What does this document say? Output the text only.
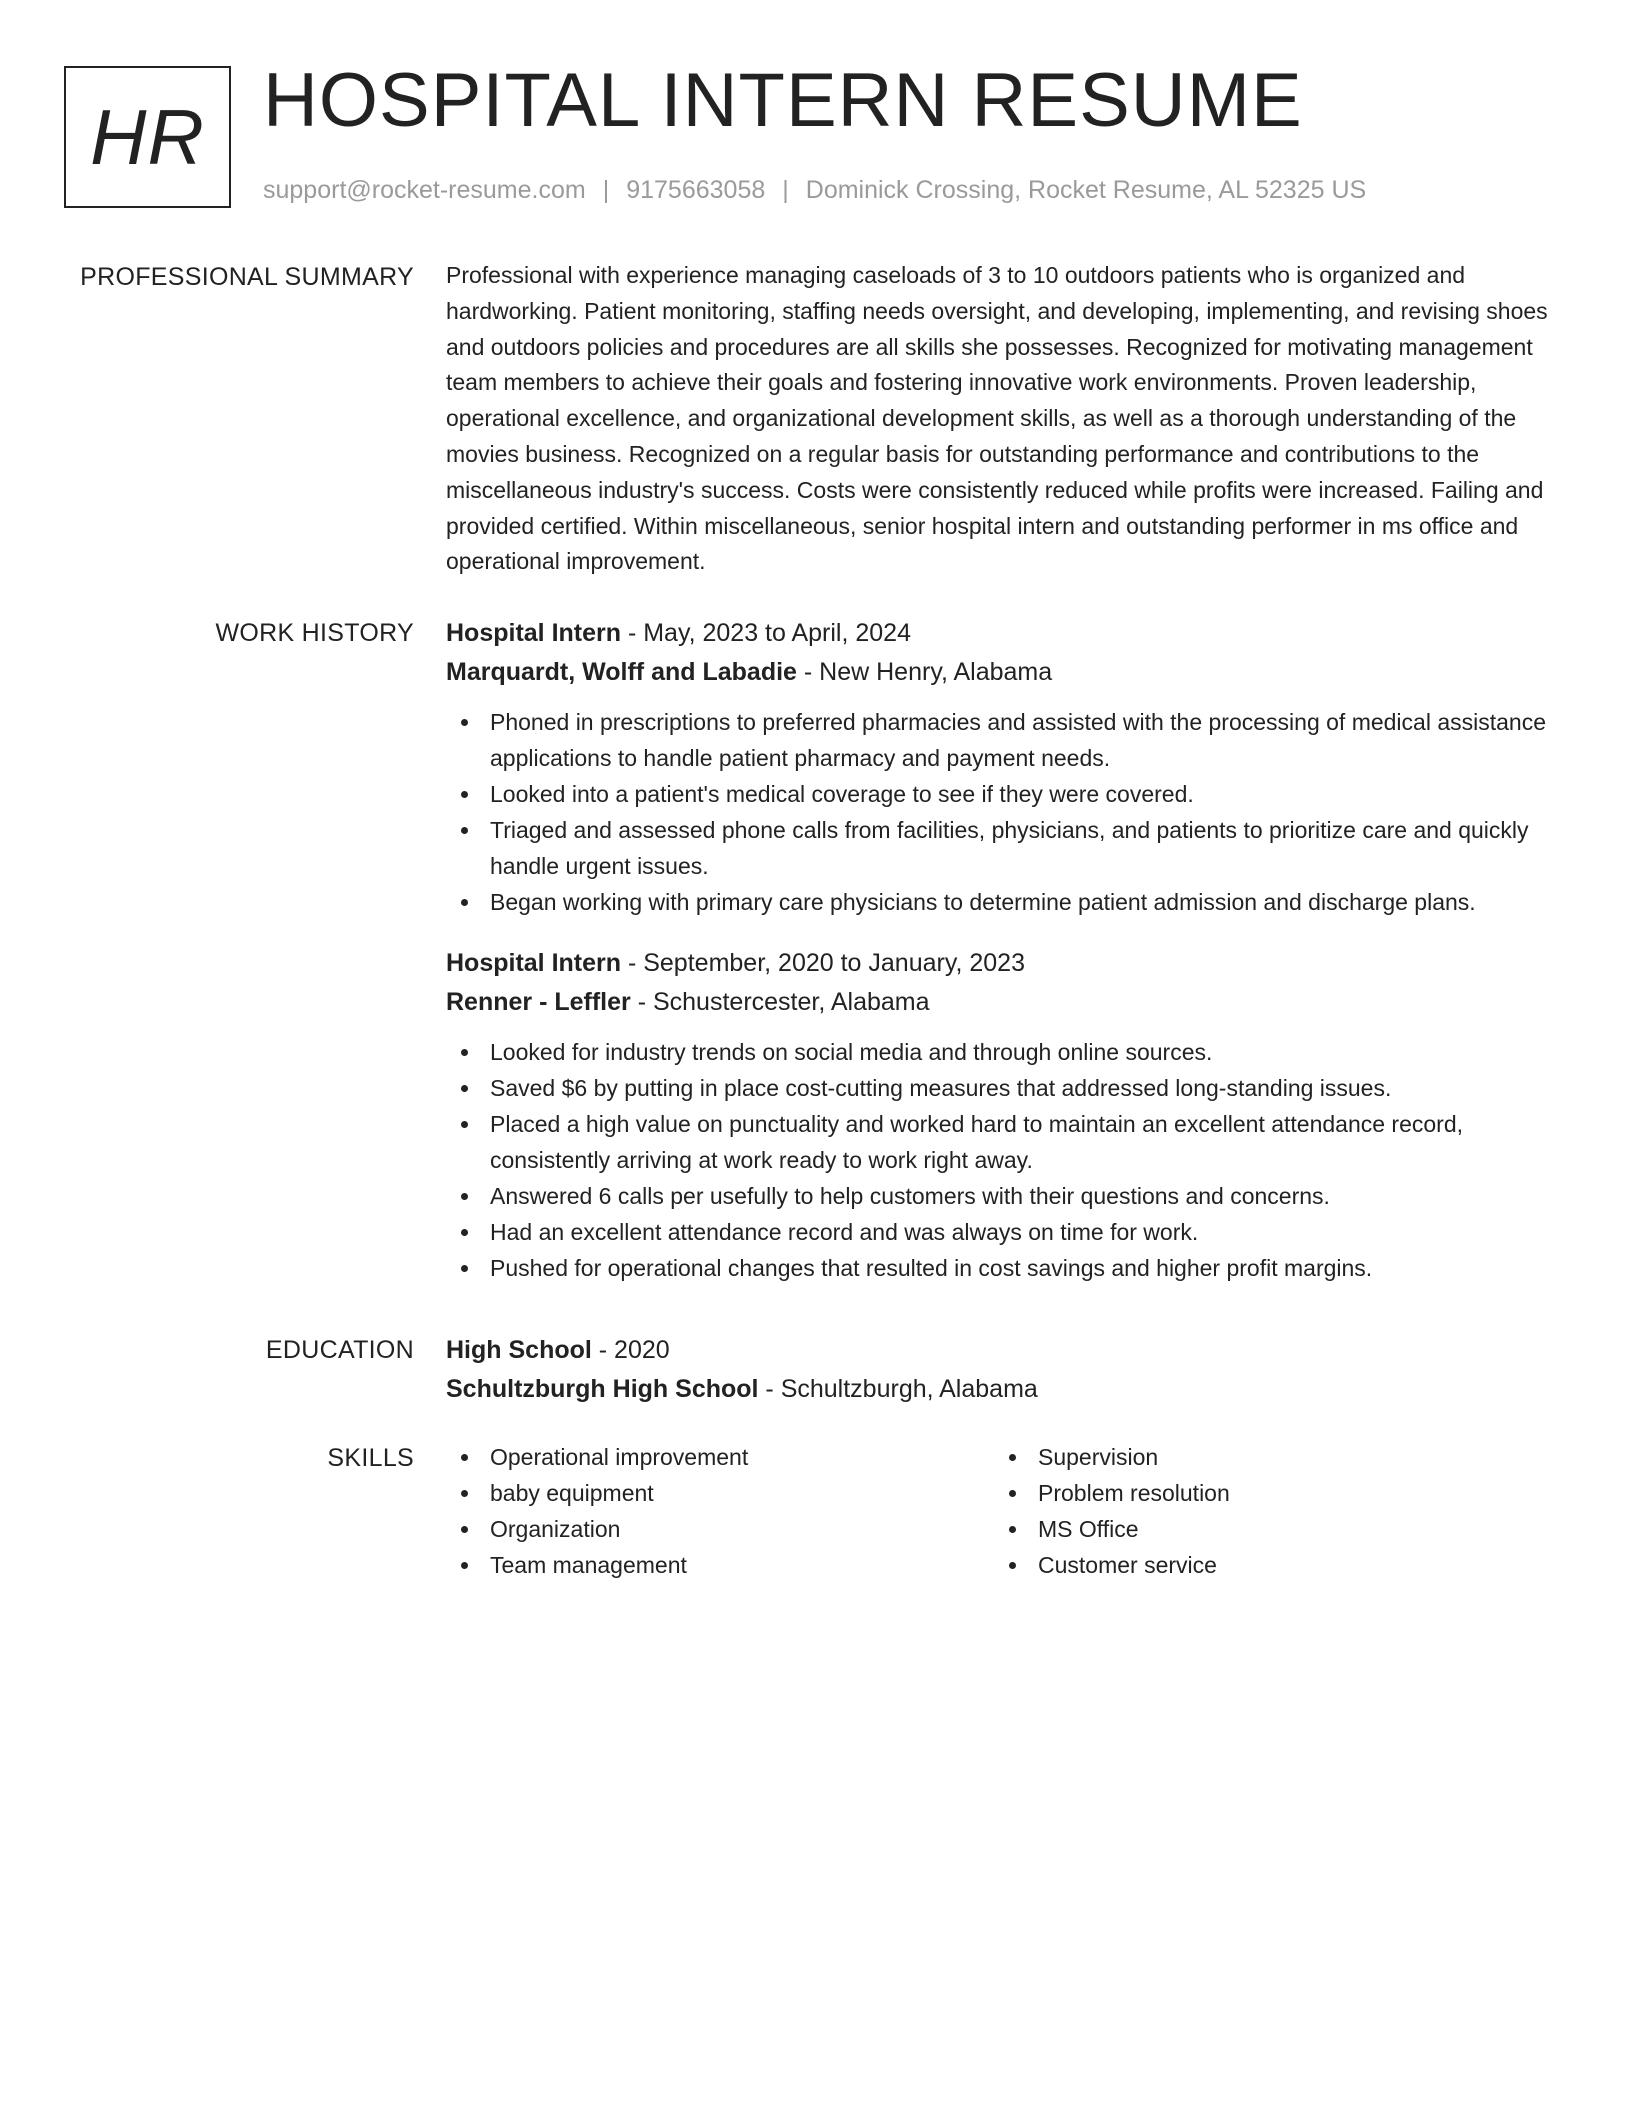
HR HOSPITAL INTERN RESUME
support@rocket-resume.com | 9175663058 | Dominick Crossing, Rocket Resume, AL 52325 US
PROFESSIONAL SUMMARY Professional with experience managing caseloads of 3 to 10 outdoors patients who is organized and hardworking. Patient monitoring, staffing needs oversight, and developing, implementing, and revising shoes and outdoors policies and procedures are all skills she possesses. Recognized for motivating management team members to achieve their goals and fostering innovative work environments. Proven leadership, operational excellence, and organizational development skills, as well as a thorough understanding of the movies business. Recognized on a regular basis for outstanding performance and contributions to the miscellaneous industry's success. Costs were consistently reduced while profits were increased. Failing and provided certified. Within miscellaneous, senior hospital intern and outstanding performer in ms office and operational improvement.

WORK HISTORY Hospital Intern - May, 2023 to April, 2024
Marquardt, Wolff and Labadie - New Henry, Alabama
Phoned in prescriptions to preferred pharmacies and assisted with the processing of medical assistance applications to handle patient pharmacy and payment needs.
Looked into a patient's medical coverage to see if they were covered.
Triaged and assessed phone calls from facilities, physicians, and patients to prioritize care and quickly handle urgent issues.
Began working with primary care physicians to determine patient admission and discharge plans.
Hospital Intern - September, 2020 to January, 2023
Renner - Leffler - Schustercester, Alabama
Looked for industry trends on social media and through online sources.
Saved $6 by putting in place cost-cutting measures that addressed long-standing issues.
Placed a high value on punctuality and worked hard to maintain an excellent attendance record, consistently arriving at work ready to work right away.
Answered 6 calls per usefully to help customers with their questions and concerns.
Had an excellent attendance record and was always on time for work.
Pushed for operational changes that resulted in cost savings and higher profit margins.
EDUCATION High School - 2020
Schultzburgh High School - Schultzburgh, Alabama
SKILLS	Operational improvement
baby equipment
Organization
Team management
Supervision
Problem resolution
MS Office
Customer service
